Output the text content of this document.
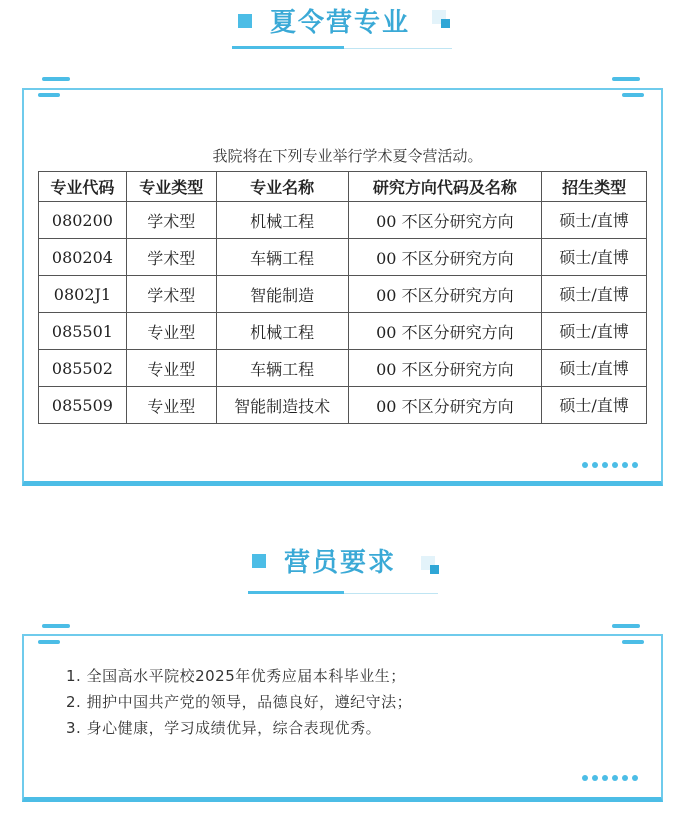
夏令营专业
我院将在下列专业举行学术夏令营活动。
专业代码	专业类型	专业名称	研究方向代码及名称	招生类型
080200	学术型	机械工程	00 不区分研究方向	硕士/直博
080204	学术型	车辆工程	00 不区分研究方向	硕士/直博
0802J1	学术型	智能制造	00 不区分研究方向	硕士/直博
085501	专业型	机械工程	00 不区分研究方向	硕士/直博
085502	专业型	车辆工程	00 不区分研究方向	硕士/直博
085509	专业型	智能制造技术	00 不区分研究方向	硕士/直博
营员要求
1. 全国高水平院校2025年优秀应届本科毕业生；
2. 拥护中国共产党的领导，品德良好，遵纪守法；
3. 身心健康，学习成绩优异，综合表现优秀。
